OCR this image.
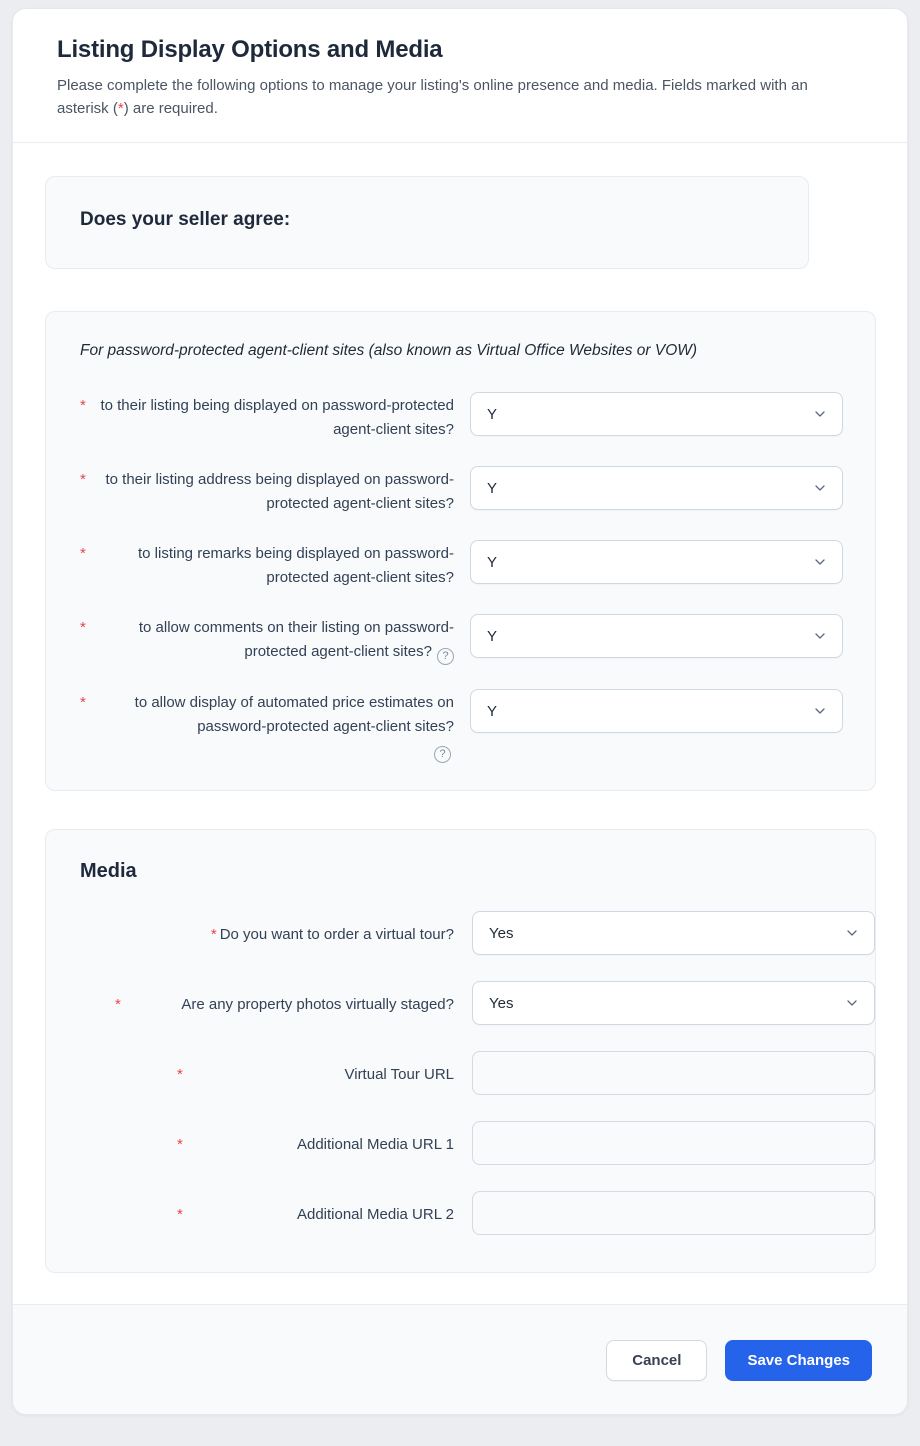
Listing Display Options and Media
Please complete the following options to manage your listing's online presence and media. Fields marked with an asterisk (*) are required.
Does your seller agree:
For password-protected agent-client sites (also known as Virtual Office Websites or VOW)
* to their listing being displayed on password-protected agent-client sites?
Y
* to their listing address being displayed on password-protected agent-client sites?
Y
*	to listing remarks being displayed on password-protected agent-client sites?
Y
*	to allow comments on their listing on password-protected agent-client sites? ?
Y
*	to allow display of automated price estimates on password-protected agent-client sites?
?
Y
Media
* Do you want to order a virtual tour? Yes
*	Are any property photos virtually staged? Yes
*	Virtual Tour URL
*	Additional Media URL 1
*	Additional Media URL 2
Cancel	Save Changes
